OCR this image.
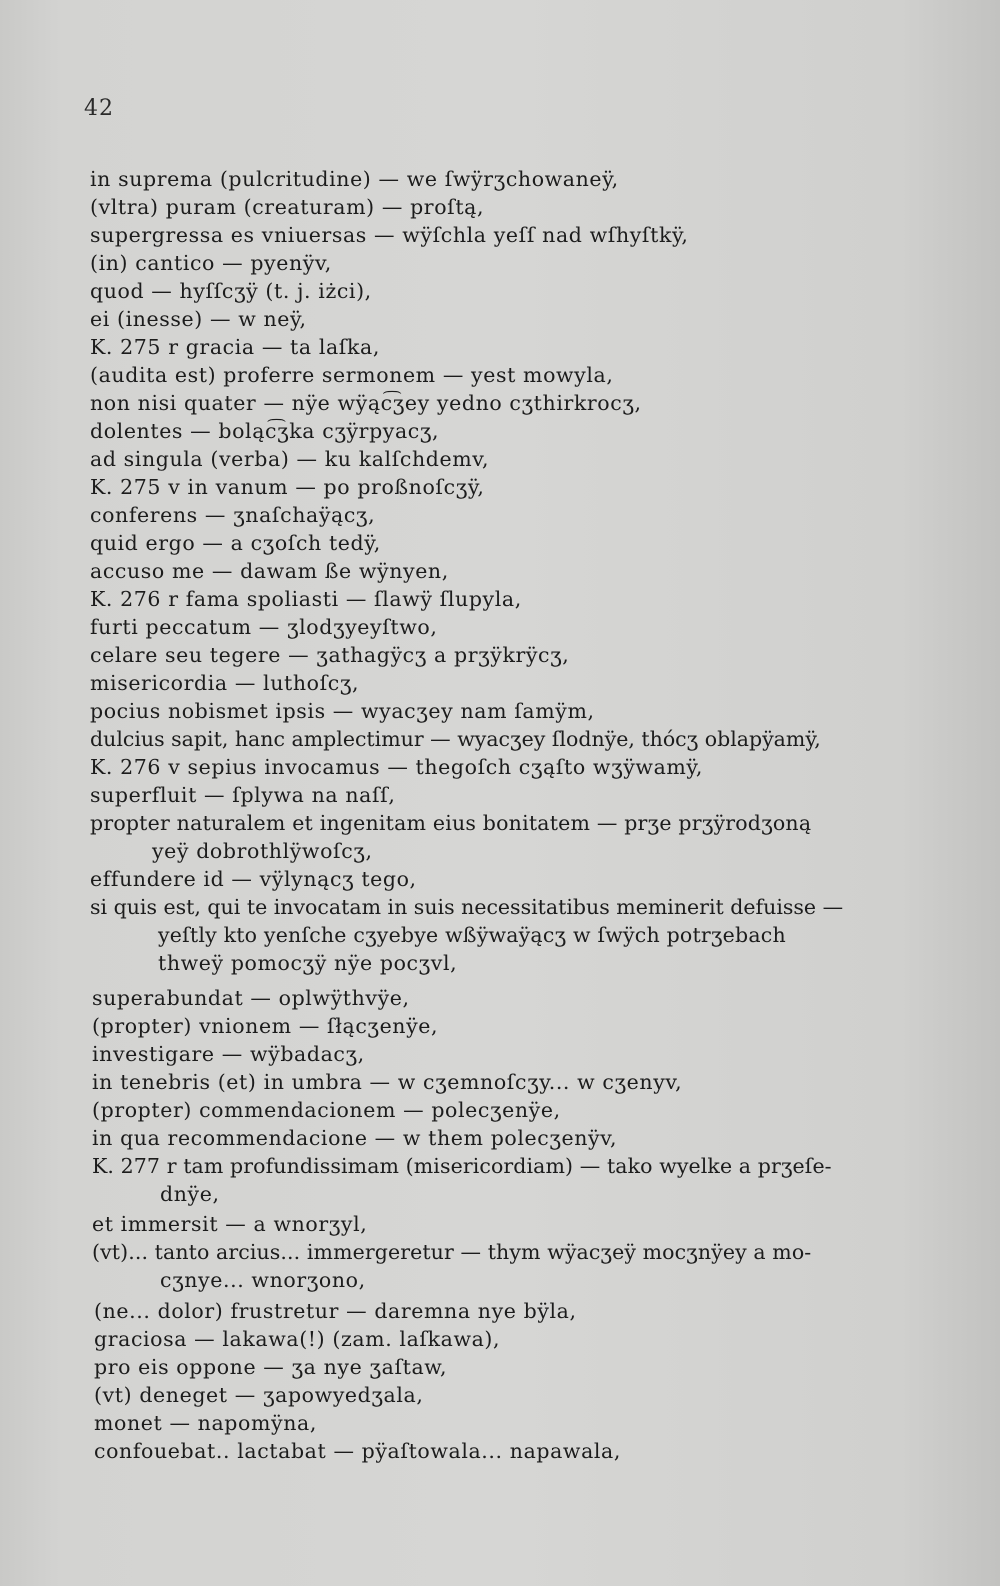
42
in suprema (pulcritudine) — we ſwÿrʒchowaneÿ,
(vltra) puram (creaturam) — proſtą,
supergressa es vniuersas — wÿſchla yeſſ nad wſhyſtkÿ,
(in) cantico — pyenÿv,
quod — hyſſcʒÿ (t. j. iżci),
ei (inesse) — w neÿ,
K. 275 r gracia — ta laſka,
(audita est) proferre sermonem — yest mowyla,
non nisi quater — nÿe wÿąc͡ʒey yedno cʒthirkrocʒ,
dolentes — boląc͡ʒka cʒÿrpyacʒ,
ad singula (verba) — ku kalſchdemv,
K. 275 v in vanum — po proßnoſcʒÿ,
conferens — ʒnaſchaÿącʒ,
quid ergo — a cʒoſch tedÿ,
accuso me — dawam ße wÿnyen,
K. 276 r fama spoliasti — ſlawÿ ſlupyla,
furti peccatum — ʒlodʒyeyſtwo,
celare seu tegere — ʒathagÿcʒ a prʒÿkrÿcʒ,
misericordia — luthoſcʒ,
pocius nobismet ipsis — wyacʒey nam ſamÿm,
dulcius sapit, hanc amplectimur — wyacʒey ſlodnÿe, thócʒ oblapÿamÿ,
K. 276 v sepius invocamus — thegoſch cʒąſto wʒÿwamÿ,
superfluit — ſplywa na naſſ,
propter naturalem et ingenitam eius bonitatem — prʒe prʒÿrodʒoną
yeÿ dobrothlÿwoſcʒ,
effundere id — vÿlynącʒ tego,
si quis est, qui te invocatam in suis necessitatibus meminerit defuisse —
yeſtly kto yenſche cʒyebye wßÿwaÿącʒ w ſwÿch potrʒebach
thweÿ pomocʒÿ nÿe pocʒvl,
superabundat — oplwÿthvÿe,
(propter) vnionem — ſłącʒenÿe,
investigare — wÿbadacʒ,
in tenebris (et) in umbra — w cʒemnoſcʒy... w cʒenyv,
(propter) commendacionem — polecʒenÿe,
in qua recommendacione — w them polecʒenÿv,
K. 277 r tam profundissimam (misericordiam) — tako wyelke a prʒeſe-
dnÿe,
et immersit — a wnorʒyl,
(vt)... tanto arcius... immergeretur — thym wÿacʒeÿ mocʒnÿey a mo-
cʒnye... wnorʒono,
(ne... dolor) frustretur — daremna nye bÿla,
graciosa — lakawa(!) (zam. laſkawa),
pro eis oppone — ʒa nye ʒaſtaw,
(vt) deneget — ʒapowyedʒala,
monet — napomÿna,
confouebat.. lactabat — pÿaſtowala... napawala,
